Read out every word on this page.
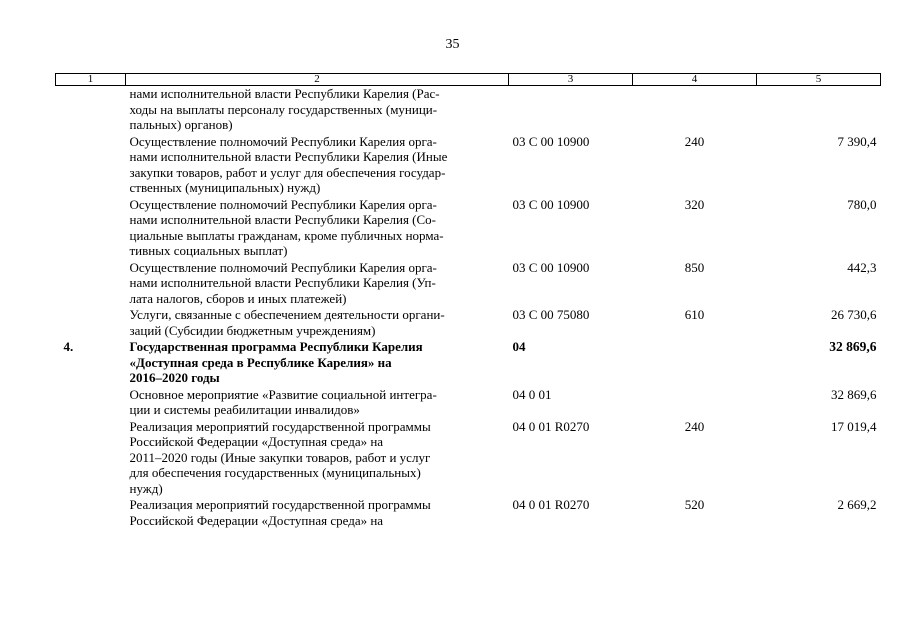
35
1	2	3	4	5

	нами исполнительной власти Республики Карелия (Рас-
ходы на выплаты персоналу государственных (муници-
пальных) органов)			

	Осуществление полномочий Республики Карелия орга-
нами исполнительной власти Республики Карелия (Иные
закупки товаров, работ и услуг для обеспечения государ-
ственных (муниципальных) нужд)	03 С 00 10900	240	7 390,4

	Осуществление полномочий Республики Карелия орга-
нами исполнительной власти Республики Карелия (Со-
циальные выплаты гражданам, кроме публичных норма-
тивных социальных выплат)	03 С 00 10900	320	780,0

	Осуществление полномочий Республики Карелия орга-
нами исполнительной власти Республики Карелия (Уп-
лата налогов, сборов и иных платежей)	03 С 00 10900	850	442,3

	Услуги, связанные с обеспечением деятельности органи-
заций (Субсидии бюджетным учреждениям)	03 С 00 75080	610	26 730,6
4.	Государственная программа Республики Карелия
«Доступная среда в Республике Карелия» на
2016–2020 годы	04		32 869,6

	Основное мероприятие «Развитие социальной интегра-
ции и системы реабилитации инвалидов»	04 0 01		32 869,6

	Реализация мероприятий государственной программы
Российской Федерации «Доступная среда» на
2011–2020 годы (Иные закупки товаров, работ и услуг
для обеспечения государственных (муниципальных)
нужд)	04 0 01 R0270	240	17 019,4

	Реализация мероприятий государственной программы
Российской Федерации «Доступная среда» на	04 0 01 R0270	520	2 669,2
